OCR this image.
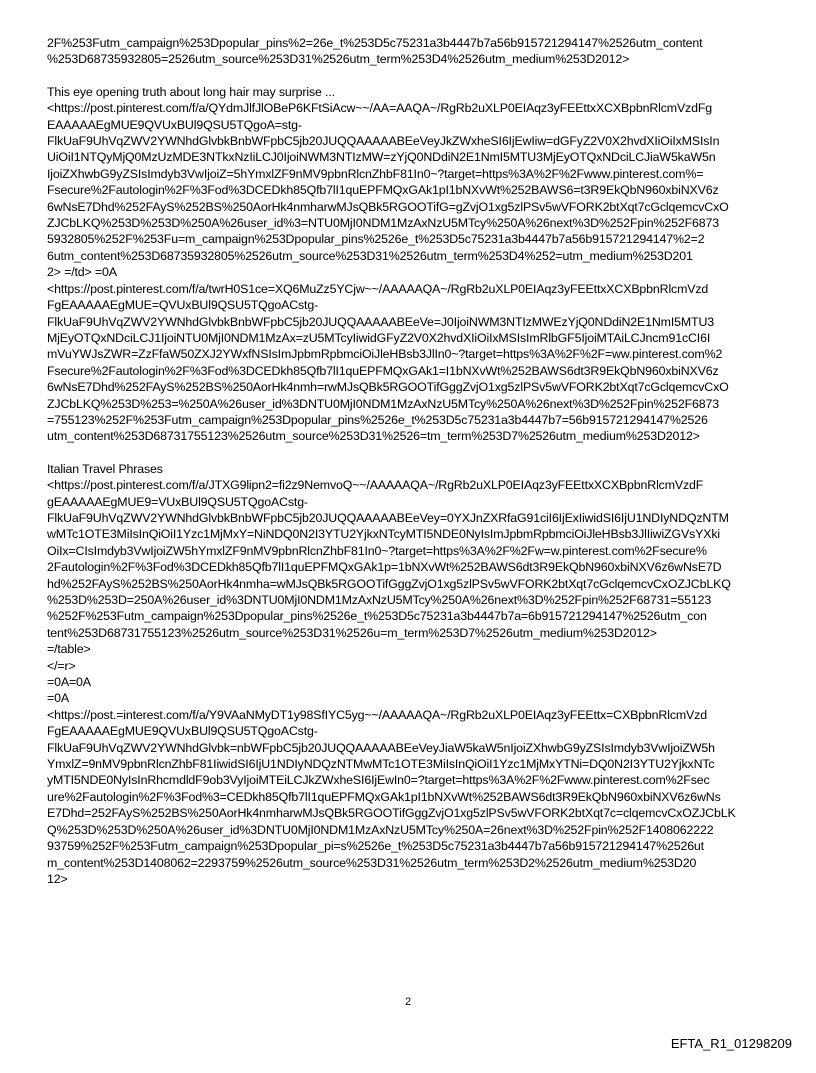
2F%253Futm_campaign%253Dpopular_pins%2=26e_t%253D5c75231a3b4447b7a56b915721294147%2526utm_content
%253D68735932805=2526utm_source%253D31%2526utm_term%253D4%2526utm_medium%253D2012>
This eye opening truth about long hair may surprise ...
<https://post.pinterest.com/f/a/QYdmJlfJlOBeP6KFtSiAcw~~/AA=AAQA~/RgRb2uXLP0EIAqz3yFEEttxXCXBpbnRlcmVzdFg
EAAAAAEgMUE9QVUxBUl9QSU5TQgoA=stg-
FlkUaF9UhVqZWV2YWNhdGlvbkBnbWFpbC5jb20JUQQAAAAABEeVeyJkZWxheSI6IjEwIiw=dGFyZ2V0X2hvdXIiOiIxMSIsIn
UiOiI1NTQyMjQ0MzUzMDE3NTkxNzIiLCJ0IjoiNWM3NTIzMW=zYjQ0NDdiN2E1NmI5MTU3MjEyOTQxNDciLCJiaW5kaW5n
IjoiZXhwbG9yZSIsImdyb3VwIjoiZ=5hYmxlZF9nMV9pbnRlcnZhbF81In0~?target=https%3A%2F%2Fwww.pinterest.com%=
Fsecure%2Fautologin%2F%3Fod%3DCEDkh85Qfb7lI1quEPFMQxGAk1pI1bNXvWt%252BAWS6=t3R9EkQbN960xbiNXV6z
6wNsE7Dhd%252FAyS%252BS%250AorHk4nmharwMJsQBk5RGOOTifG=gZvjO1xg5zlPSv5wVFORK2btXqt7cGclqemcvCxO
ZJCbLKQ%253D%253D%250A%26user_id%3=NTU0MjI0NDM1MzAxNzU5MTcy%250A%26next%3D%252Fpin%252F6873
5932805%252F%253Fu=m_campaign%253Dpopular_pins%2526e_t%253D5c75231a3b4447b7a56b915721294147%2=2
6utm_content%253D68735932805%2526utm_source%253D31%2526utm_term%253D4%252=utm_medium%253D201
2> =/td> =0A
<https://post.pinterest.com/f/a/twrH0S1ce=XQ6MuZz5YCjw~~/AAAAAQA~/RgRb2uXLP0EIAqz3yFEEttxXCXBpbnRlcmVzd
FgEAAAAAEgMUE=QVUxBUl9QSU5TQgoACstg-
FlkUaF9UhVqZWV2YWNhdGlvbkBnbWFpbC5jb20JUQQAAAAABEeVe=J0IjoiNWM3NTIzMWEzYjQ0NDdiN2E1NmI5MTU3
MjEyOTQxNDciLCJ1IjoiNTU0MjI0NDM1MzAx=zU5MTcyIiwidGFyZ2V0X2hvdXIiOiIxMSIsImRlbGF5IjoiMTAiLCJncm91cCI6I
mVuYWJsZWR=ZzFfaW50ZXJ2YWxfNSIsImJpbmRpbmciOiJleHBsb3JlIn0~?target=https%3A%2F%2F=ww.pinterest.com%2
Fsecure%2Fautologin%2F%3Fod%3DCEDkh85Qfb7lI1quEPFMQxGAk1=I1bNXvWt%252BAWS6dt3R9EkQbN960xbiNXV6z
6wNsE7Dhd%252FAyS%252BS%250AorHk4nmh=rwMJsQBk5RGOOTifGggZvjO1xg5zlPSv5wVFORK2btXqt7cGclqemcvCxO
ZJCbLKQ%253D%253=%250A%26user_id%3DNTU0MjI0NDM1MzAxNzU5MTcy%250A%26next%3D%252Fpin%252F6873
=755123%252F%253Futm_campaign%253Dpopular_pins%2526e_t%253D5c75231a3b4447b7=56b915721294147%2526
utm_content%253D68731755123%2526utm_source%253D31%2526=tm_term%253D7%2526utm_medium%253D2012>
Italian Travel Phrases
<https://post.pinterest.com/f/a/JTXG9lipn2=fi2z9NemvoQ~~/AAAAAQA~/RgRb2uXLP0EIAqz3yFEEttxXCXBpbnRlcmVzdF
gEAAAAAEgMUE9=VUxBUl9QSU5TQgoACstg-
FlkUaF9UhVqZWV2YWNhdGlvbkBnbWFpbC5jb20JUQQAAAAABEeVey=0YXJnZXRfaG91ciI6IjExIiwidSI6IjU1NDIyNDQzNTM
wMTc1OTE3MiIsInQiOiI1Yzc1MjMxY=NiNDQ0N2I3YTU2YjkxNTcyMTI5NDE0NyIsImJpbmRpbmciOiJleHBsb3JlIiwiZGVsYXki
OiIx=CIsImdyb3VwIjoiZW5hYmxlZF9nMV9pbnRlcnZhbF81In0~?target=https%3A%2F%2Fw=w.pinterest.com%2Fsecure%
2Fautologin%2F%3Fod%3DCEDkh85Qfb7lI1quEPFMQxGAk1p=1bNXvWt%252BAWS6dt3R9EkQbN960xbiNXV6z6wNsE7D
hd%252FAyS%252BS%250AorHk4nmha=wMJsQBk5RGOOTifGggZvjO1xg5zlPSv5wVFORK2btXqt7cGclqemcvCxOZJCbLKQ
%253D%253D=250A%26user_id%3DNTU0MjI0NDM1MzAxNzU5MTcy%250A%26next%3D%252Fpin%252F68731=55123
%252F%253Futm_campaign%253Dpopular_pins%2526e_t%253D5c75231a3b4447b7a=6b915721294147%2526utm_con
tent%253D68731755123%2526utm_source%253D31%2526u=m_term%253D7%2526utm_medium%253D2012>
=/table>
</=r>
=0A=0A
=0A
<https://post.=interest.com/f/a/Y9VAaNMyDT1y98SfIYC5yg~~/AAAAAQA~/RgRb2uXLP0EIAqz3yFEEttx=CXBpbnRlcmVzd
FgEAAAAAEgMUE9QVUxBUl9QSU5TQgoACstg-
FlkUaF9UhVqZWV2YWNhdGlvbk=nbWFpbC5jb20JUQQAAAAABEeVeyJiaW5kaW5nIjoiZXhwbG9yZSIsImdyb3VwIjoiZW5h
YmxlZ=9nMV9pbnRlcnZhbF81IiwidSI6IjU1NDIyNDQzNTMwMTc1OTE3MiIsInQiOiI1Yzc1MjMxYTNi=DQ0N2I3YTU2YjkxNTc
yMTI5NDE0NyIsInRhcmdldF9ob3VyIjoiMTEiLCJkZWxheSI6IjEwIn0=?target=https%3A%2F%2Fwww.pinterest.com%2Fsec
ure%2Fautologin%2F%3Fod%3=CEDkh85Qfb7lI1quEPFMQxGAk1pI1bNXvWt%252BAWS6dt3R9EkQbN960xbiNXV6z6wNs
E7Dhd=252FAyS%252BS%250AorHk4nmharwMJsQBk5RGOOTifGggZvjO1xg5zlPSv5wVFORK2btXqt7c=clqemcvCxOZJCbLK
Q%253D%253D%250A%26user_id%3DNTU0MjI0NDM1MzAxNzU5MTcy%250A=26next%3D%252Fpin%252F1408062222
93759%252F%253Futm_campaign%253Dpopular_pi=s%2526e_t%253D5c75231a3b4447b7a56b915721294147%2526ut
m_content%253D1408062=2293759%2526utm_source%253D31%2526utm_term%253D2%2526utm_medium%253D20
12>
2
EFTA_R1_01298209
